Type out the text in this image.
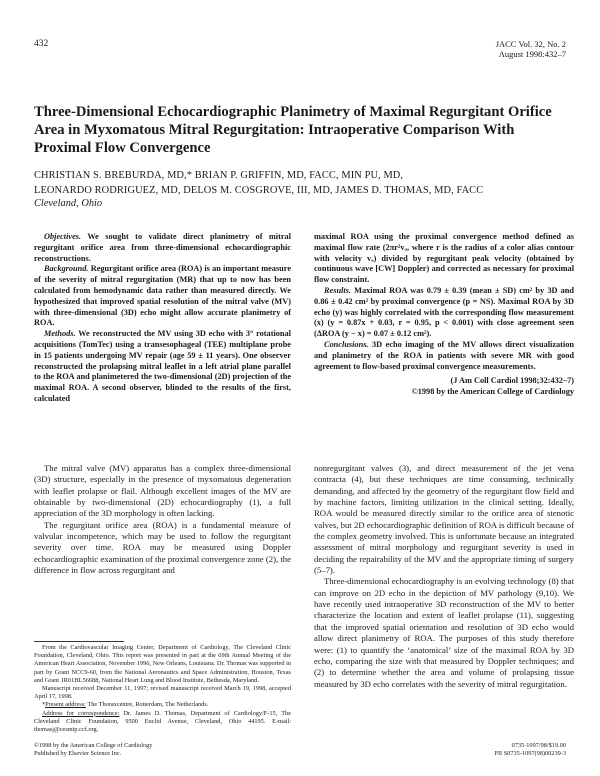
432	JACC Vol. 32, No. 2
August 1998:432–7
Three-Dimensional Echocardiographic Planimetry of Maximal Regurgitant Orifice Area in Myxomatous Mitral Regurgitation: Intraoperative Comparison With Proximal Flow Convergence
CHRISTIAN S. BREBURDA, MD,* BRIAN P. GRIFFIN, MD, FACC, MIN PU, MD,
LEONARDO RODRIGUEZ, MD, DELOS M. COSGROVE, III, MD, JAMES D. THOMAS, MD, FACC
Cleveland, Ohio

Objectives. We sought to validate direct planimetry of mitral regurgitant orifice area from three-dimensional echocardiographic reconstructions.

Background. Regurgitant orifice area (ROA) is an important measure of the severity of mitral regurgitation (MR) that up to now has been calculated from hemodynamic data rather than measured directly. We hypothesized that improved spatial resolution of the mitral valve (MV) with three-dimensional (3D) echo might allow accurate planimetry of ROA.

Methods. We reconstructed the MV using 3D echo with 3° rotational acquisitions (TomTec) using a transesophageal (TEE) multiplane probe in 15 patients undergoing MV repair (age 59 ± 11 years). One observer reconstructed the prolapsing mitral leaflet in a left atrial plane parallel to the ROA and planimetered the two-dimensional (2D) projection of the maximal ROA. A second observer, blinded to the results of the first, calculated

maximal ROA using the proximal convergence method defined as maximal flow rate (2πr²vₐ, where r is the radius of a color alias contour with velocity vₐ) divided by regurgitant peak velocity (obtained by continuous wave [CW] Doppler) and corrected as necessary for proximal flow constraint.

Results. Maximal ROA was 0.79 ± 0.39 (mean ± SD) cm² by 3D and 0.86 ± 0.42 cm² by proximal convergence (p = NS). Maximal ROA by 3D echo (y) was highly correlated with the corresponding flow measurement (x) (y = 0.87x + 0.03, r = 0.95, p < 0.001) with close agreement seen (ΔROA (y − x) = 0.07 ± 0.12 cm²).

Conclusions. 3D echo imaging of the MV allows direct visualization and planimetry of the ROA in patients with severe MR with good agreement to flow-based proximal convergence measurements.

(J Am Coll Cardiol 1998;32:432–7)

©1998 by the American College of Cardiology

The mitral valve (MV) apparatus has a complex three-dimensional (3D) structure, especially in the presence of myxomatous degeneration with leaflet prolapse or flail. Although excellent images of the MV are obtainable by two-dimensional (2D) echocardiography (1), a full appreciation of the 3D morphology is often lacking.

The regurgitant orifice area (ROA) is a fundamental measure of valvular incompetence, which may be used to follow the regurgitant severity over time. ROA may be measured using Doppler echocardiographic examination of the proximal convergence zone (2), the difference in flow across regurgitant and

nonregurgitant valves (3), and direct measurement of the jet vena contracta (4), but these techniques are time consuming, technically demanding, and affected by the geometry of the regurgitant flow field and by machine factors, limiting utilization in the clinical setting. Ideally, ROA would be measured directly similar to the orifice area of stenotic valves, but 2D echocardiographic definition of ROA is difficult because of the complex geometry involved. This is unfortunate because an integrated assessment of mitral morphology and regurgitant severity is used in deciding the repairability of the MV and the appropriate timing of surgery (5–7).

Three-dimensional echocardiography is an evolving technology (8) that can improve on 2D echo in the depiction of MV pathology (9,10). We have recently used intraoperative 3D reconstruction of the MV to better characterize the location and extent of leaflet prolapse (11), suggesting that the improved spatial orientation and resolution of 3D echo would allow direct planimetry of ROA. The purposes of this study therefore were: (1) to quantify the ‘anatomical’ size of the maximal ROA by 3D echo, comparing the size with that measured by Doppler techniques; and (2) to determine whether the area and volume of prolapsing tissue measured by 3D echo correlates with the severity of mitral regurgitation.

From the Cardiovascular Imaging Center, Department of Cardiology, The Cleveland Clinic Foundation, Cleveland, Ohio. This report was presented in part at the 69th Annual Meeting of the American Heart Association, November 1996, New Orleans, Louisiana. Dr. Thomas was supported in part by Grant NCC9-60, from the National Aeronautics and Space Administration, Houston, Texas and Grant 1R01HL56688, National Heart Lung and Blood Institute, Bethesda, Maryland.

Manuscript received December 11, 1997; revised manuscript received March 19, 1998, accepted April 17, 1998.

*Present address: The Thoraxcentre, Rotterdam, The Netherlands.

Address for correspondence: Dr. James D. Thomas, Department of Cardiology/F-15, The Cleveland Clinic Foundation, 9500 Euclid Avenue, Cleveland, Ohio 44195. E-mail: thomasj@cesmtp.ccf.org.

©1998 by the American College of Cardiology
Published by Elsevier Science Inc.
0735-1097/98/$19.00
PII S0735-1097(98)00239-3
